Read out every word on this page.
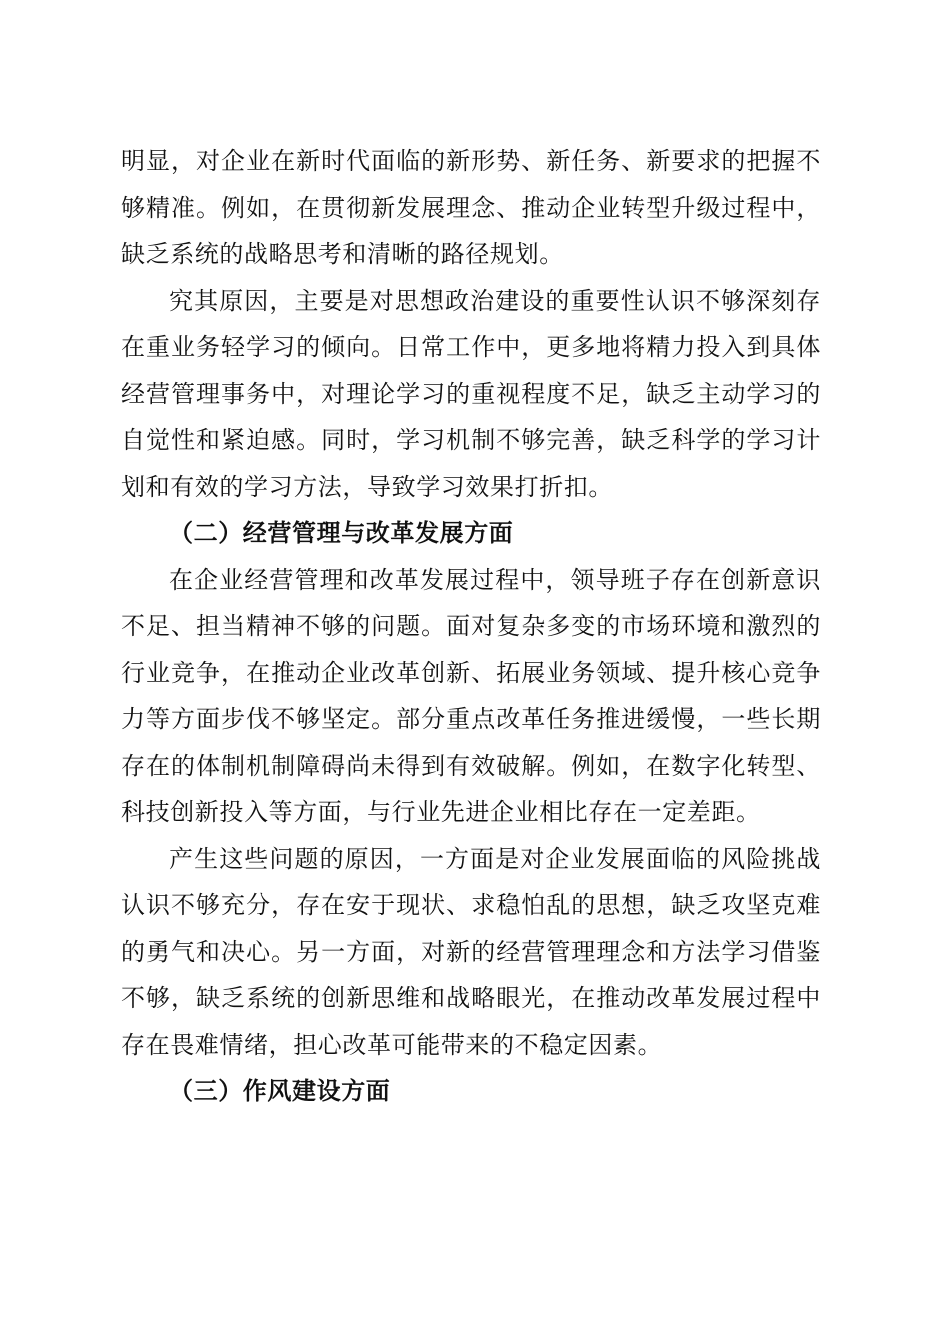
明显，对企业在新时代面临的新形势、新任务、新要求的把握不够精准。例如，在贯彻新发展理念、推动企业转型升级过程中，缺乏系统的战略思考和清晰的路径规划。

究其原因，主要是对思想政治建设的重要性认识不够深刻存在重业务轻学习的倾向。日常工作中，更多地将精力投入到具体经营管理事务中，对理论学习的重视程度不足，缺乏主动学习的自觉性和紧迫感。同时，学习机制不够完善，缺乏科学的学习计划和有效的学习方法，导致学习效果打折扣。

（二）经营管理与改革发展方面

在企业经营管理和改革发展过程中，领导班子存在创新意识不足、担当精神不够的问题。面对复杂多变的市场环境和激烈的行业竞争，在推动企业改革创新、拓展业务领域、提升核心竞争力等方面步伐不够坚定。部分重点改革任务推进缓慢，一些长期存在的体制机制障碍尚未得到有效破解。例如，在数字化转型、科技创新投入等方面，与行业先进企业相比存在一定差距。

产生这些问题的原因，一方面是对企业发展面临的风险挑战认识不够充分，存在安于现状、求稳怕乱的思想，缺乏攻坚克难的勇气和决心。另一方面，对新的经营管理理念和方法学习借鉴不够，缺乏系统的创新思维和战略眼光，在推动改革发展过程中存在畏难情绪，担心改革可能带来的不稳定因素。

（三）作风建设方面
